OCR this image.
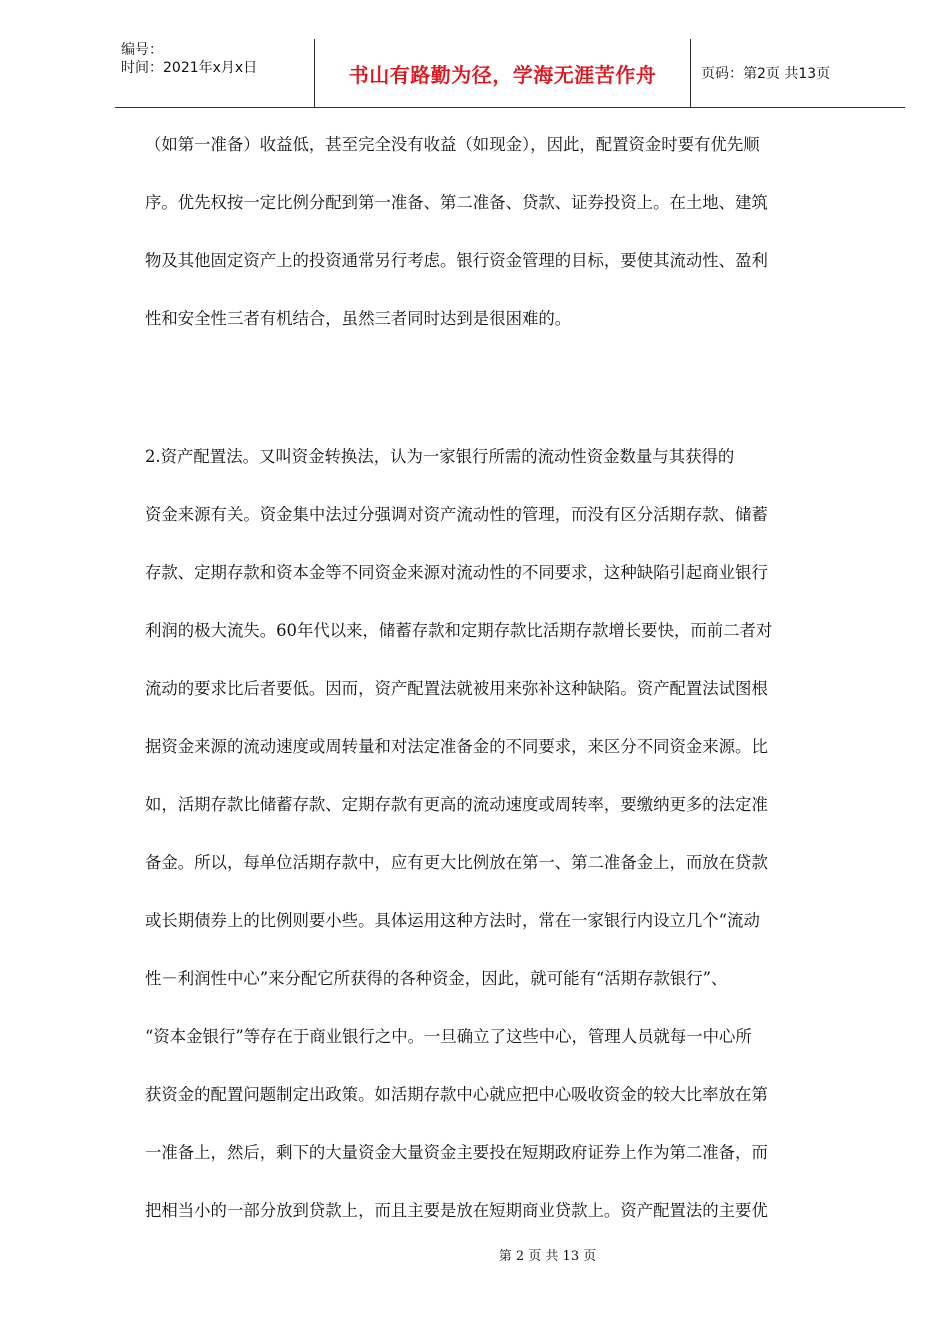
编号：
时间：2021年x月x日	书山有路勤为径，学海无涯苦作舟	页码：第2页 共13页
（如第一准备）收益低，甚至完全没有收益（如现金），因此，配置资金时要有优先顺
序。优先权按一定比例分配到第一准备、第二准备、贷款、证券投资上。在土地、建筑
物及其他固定资产上的投资通常另行考虑。银行资金管理的目标，要使其流动性、盈利
性和安全性三者有机结合，虽然三者同时达到是很困难的。
2.资产配置法。又叫资金转换法，认为一家银行所需的流动性资金数量与其获得的
资金来源有关。资金集中法过分强调对资产流动性的管理，而没有区分活期存款、储蓄
存款、定期存款和资本金等不同资金来源对流动性的不同要求，这种缺陷引起商业银行
利润的极大流失。60年代以来，储蓄存款和定期存款比活期存款增长要快，而前二者对
流动的要求比后者要低。因而，资产配置法就被用来弥补这种缺陷。资产配置法试图根
据资金来源的流动速度或周转量和对法定准备金的不同要求，来区分不同资金来源。比
如，活期存款比储蓄存款、定期存款有更高的流动速度或周转率，要缴纳更多的法定准
备金。所以，每单位活期存款中，应有更大比例放在第一、第二准备金上，而放在贷款
或长期债券上的比例则要小些。具体运用这种方法时，常在一家银行内设立几个“流动
性－利润性中心”来分配它所获得的各种资金，因此，就可能有“活期存款银行”、
“资本金银行”等存在于商业银行之中。一旦确立了这些中心，管理人员就每一中心所
获资金的配置问题制定出政策。如活期存款中心就应把中心吸收资金的较大比率放在第
一准备上，然后，剩下的大量资金大量资金主要投在短期政府证券上作为第二准备，而
把相当小的一部分放到贷款上，而且主要是放在短期商业贷款上。资产配置法的主要优
第 2 页 共 13 页
